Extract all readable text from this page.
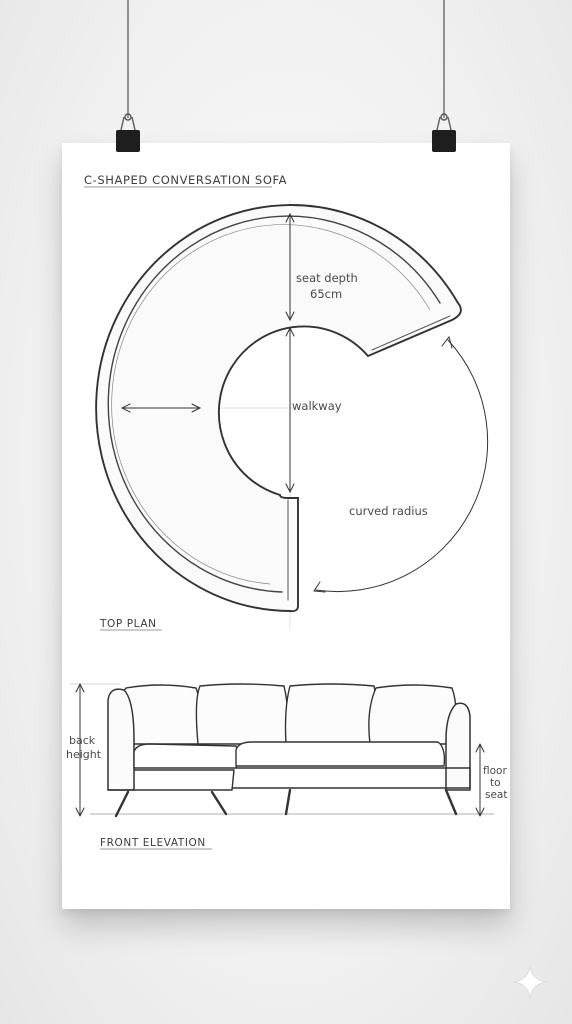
C-SHAPED CONVERSATION SOFA
seat depth
65cm
walkway
curved radius
TOP PLAN
back
height
floor
to
seat
FRONT ELEVATION
